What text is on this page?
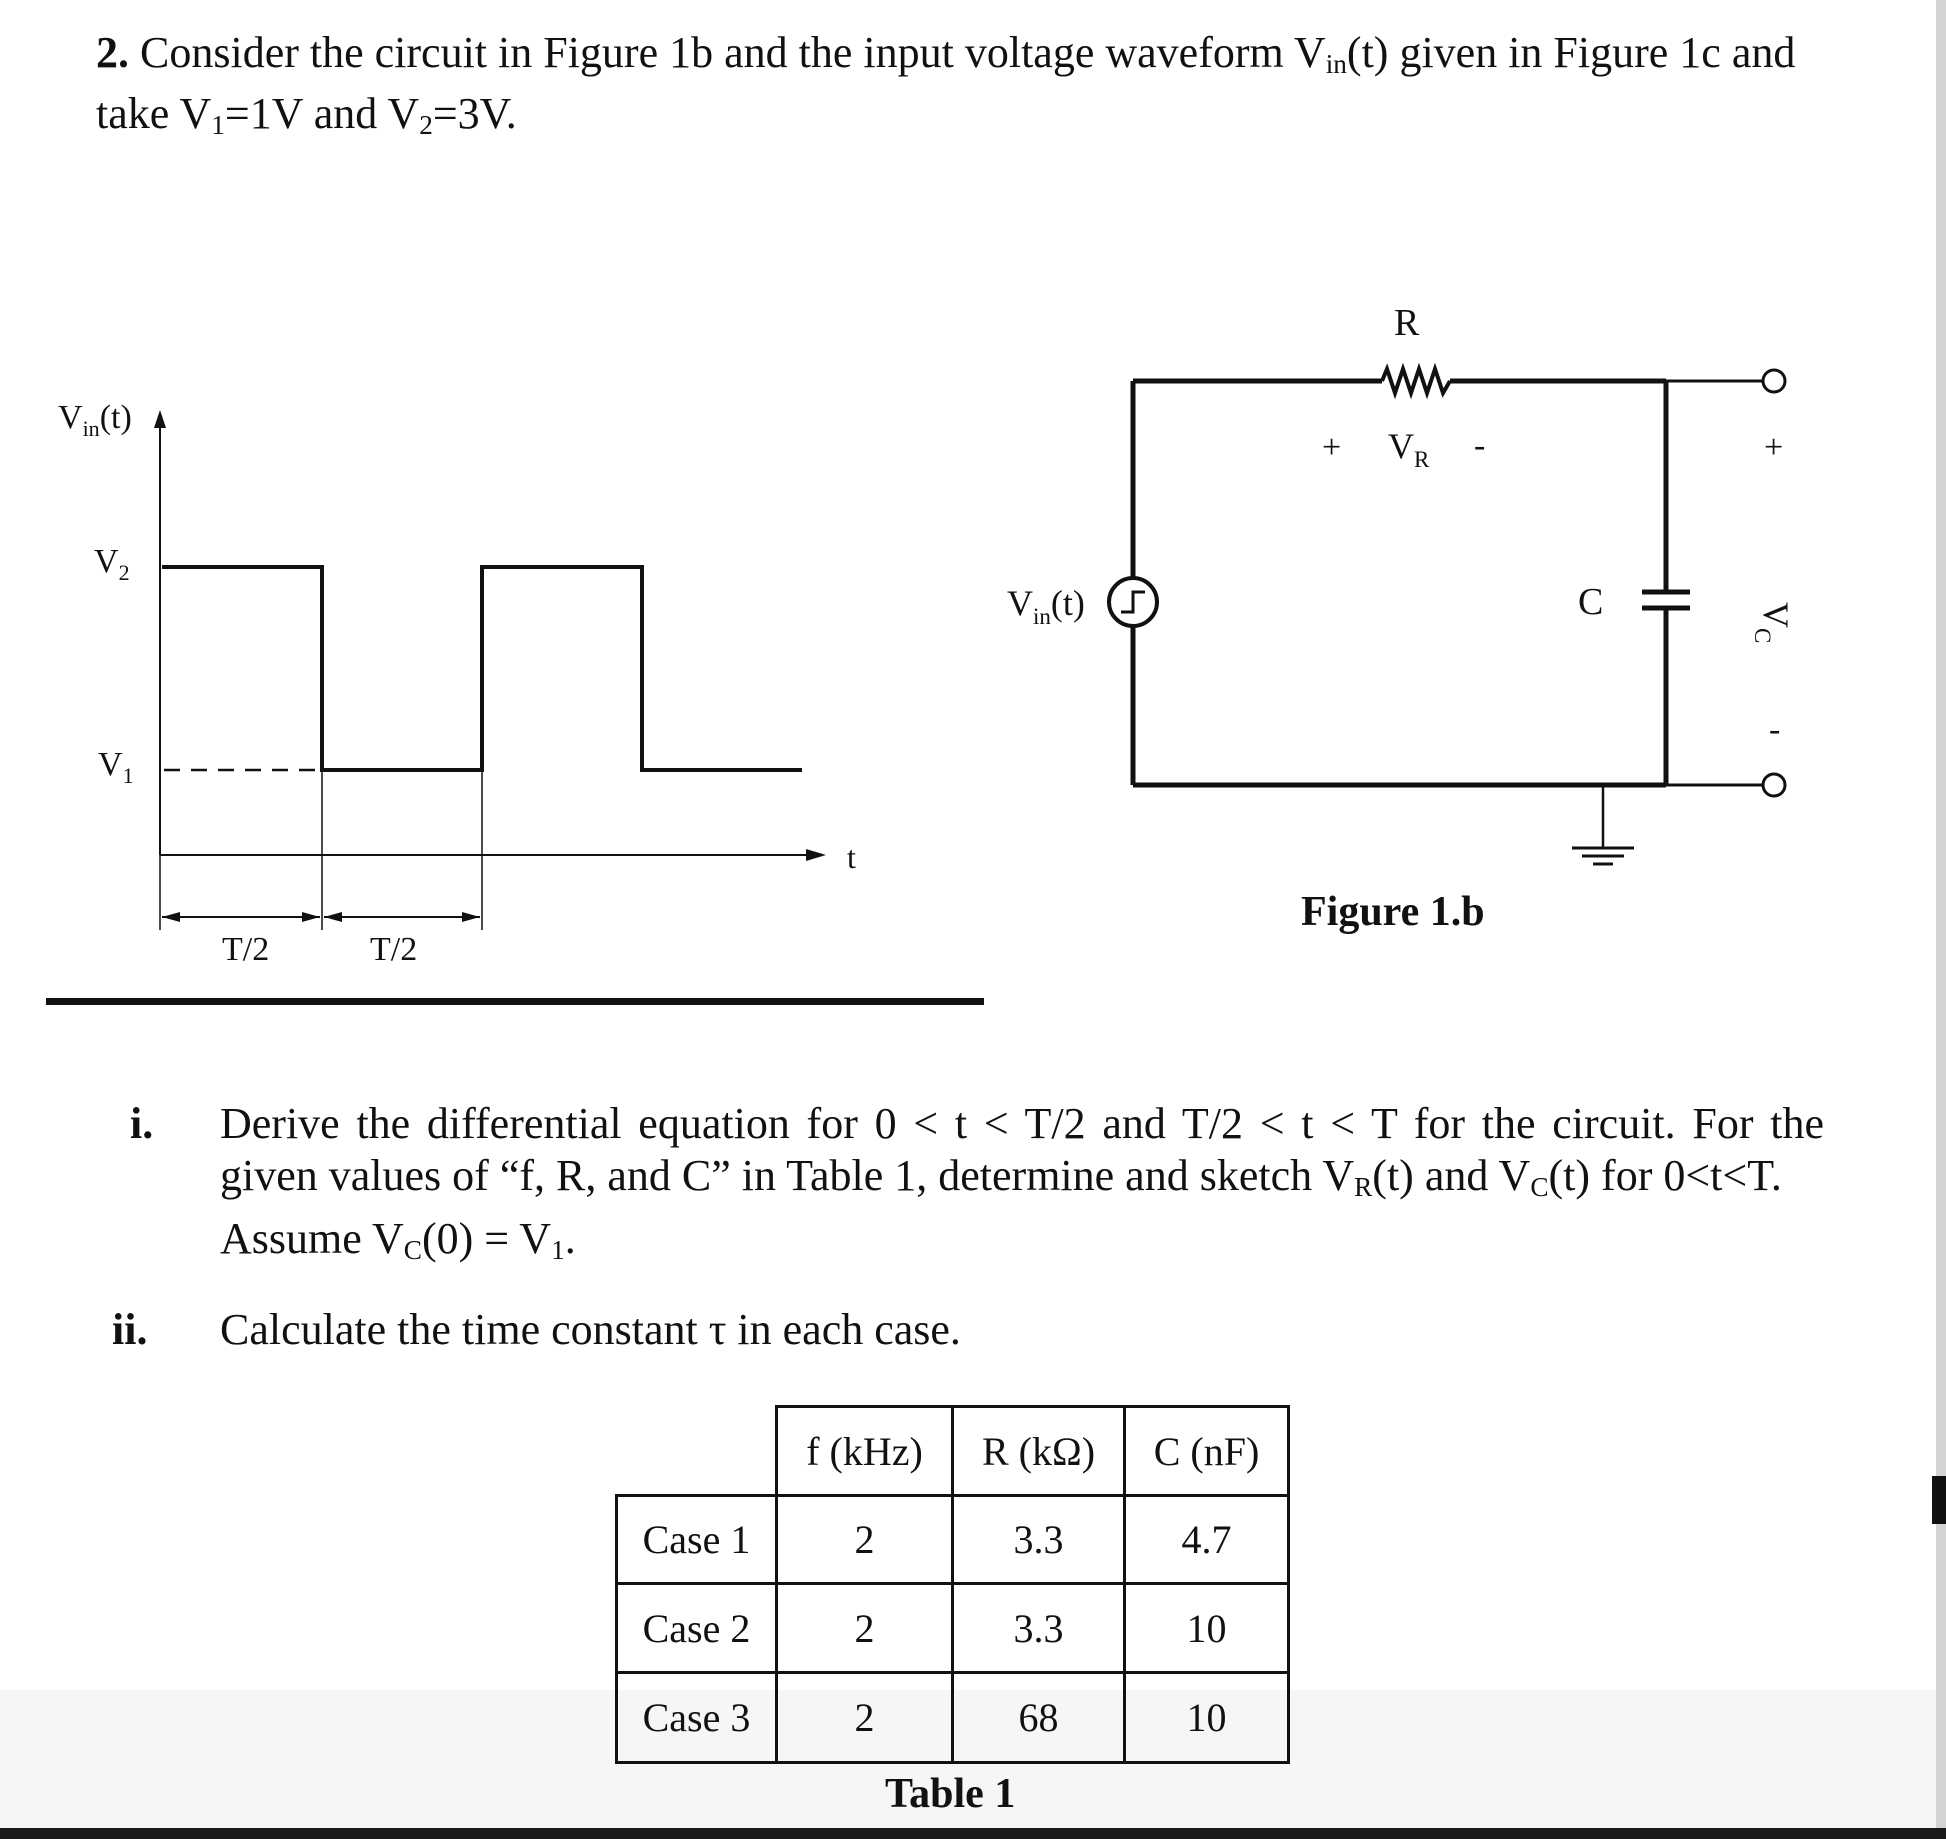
2. Consider the circuit in Figure 1b and the input voltage waveform $V_{in}(t)$ given in Figure 1c and
take $V_1=1V$ and $V_2=3V$.
$V_{in}(t)$
$V_2$
$V_1$
t
T/2	T/2
R
+ $V_R$ -
$V_{in}(t)$	C
+
$V_C$
-
Figure 1.b
i. Derive the differential equation for 0 < t < T/2 and T/2 < t < T for the circuit. For the
given values of “f, R, and C” in Table 1, determine and sketch $V_R(t)$ and $V_C(t)$ for 0<t<T.
Assume $V_C(0) = V_1$.
ii. Calculate the time constant τ in each case.
	f (kHz)	R (kΩ)	C (nF)
Case 1	2	3.3	4.7
Case 2	2	3.3	10
Case 3	2	68	10
Table 1
